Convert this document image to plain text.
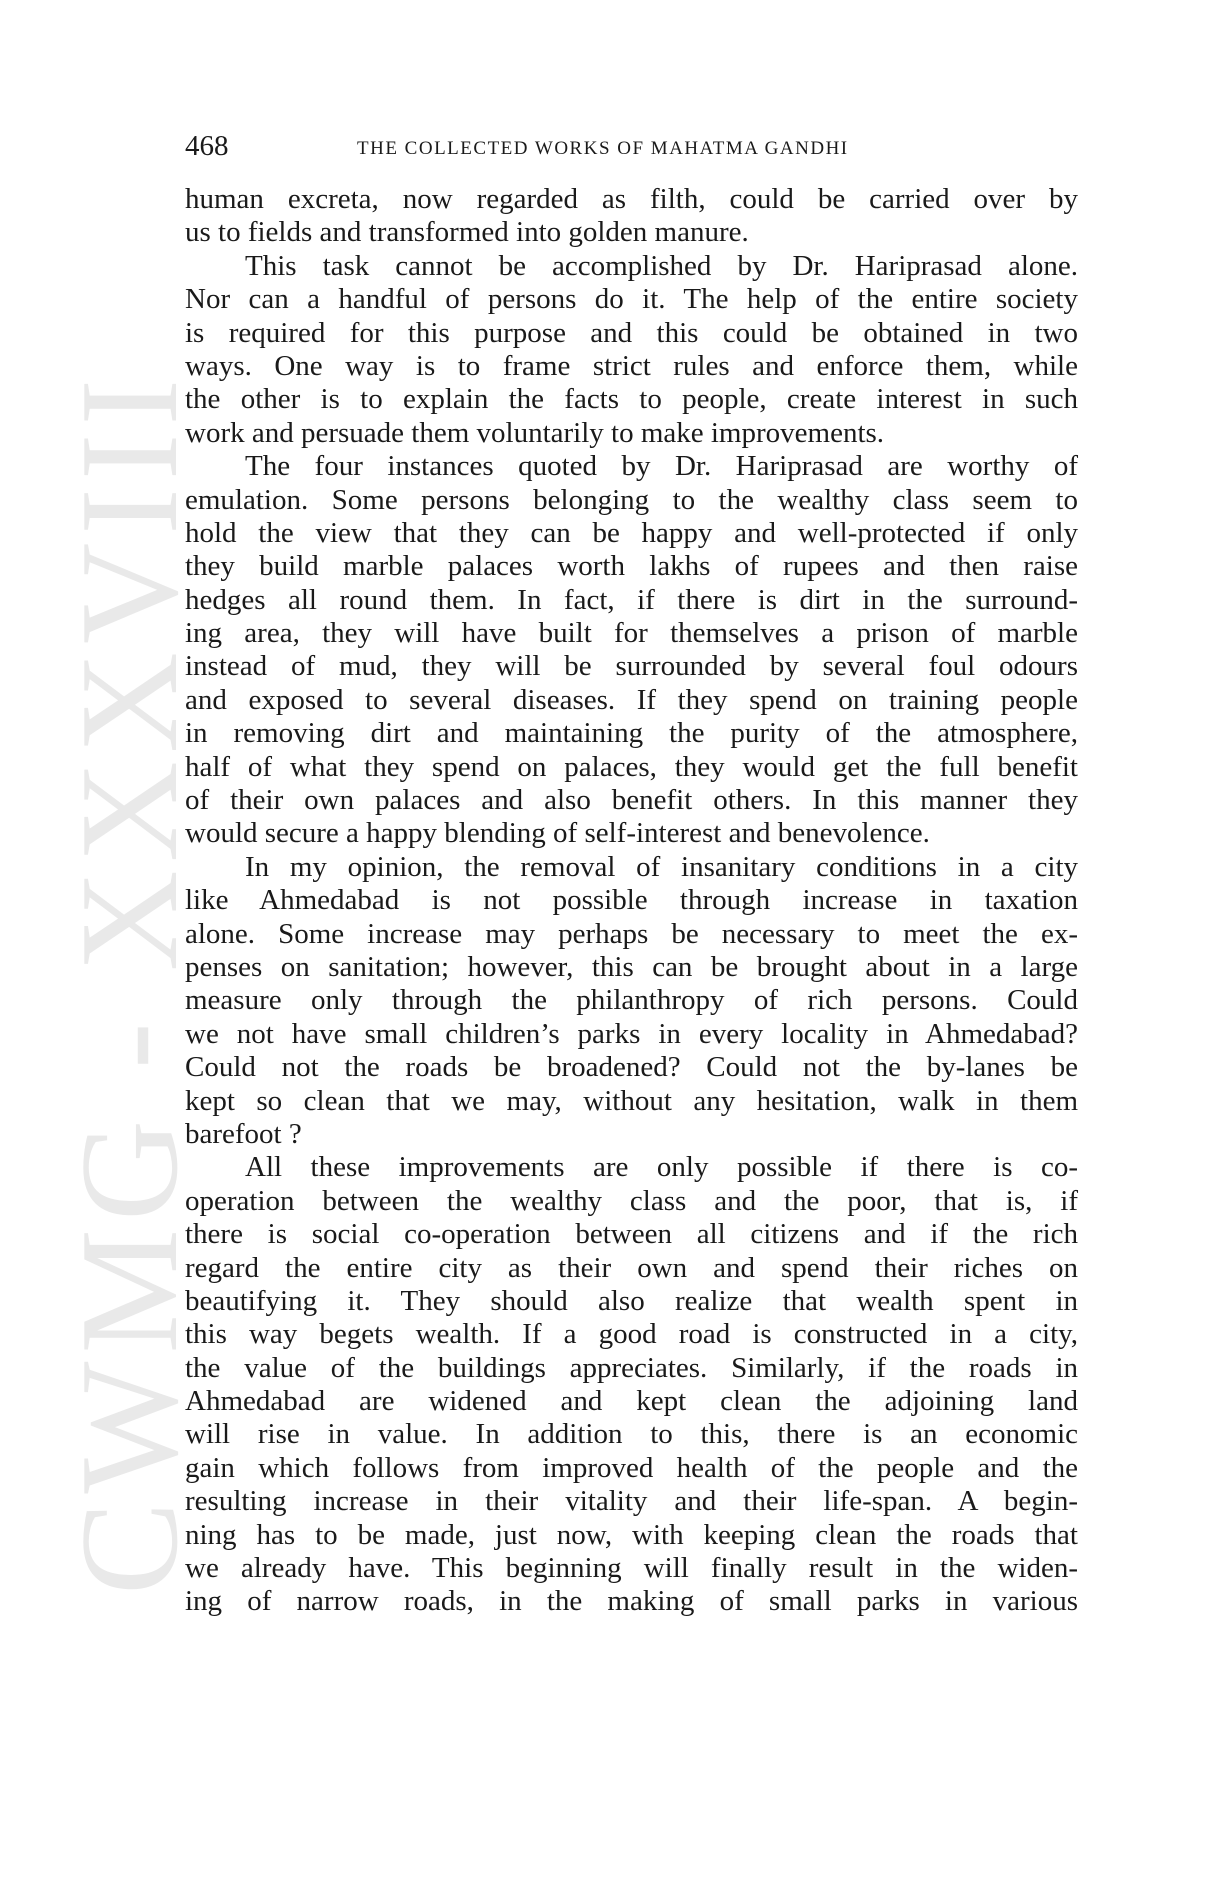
CWMG - XXXVIII
468	THE COLLECTED WORKS OF MAHATMA GANDHI
human excreta, now regarded as filth, could be carried over by
us to fields and transformed into golden manure.
This task cannot be accomplished by Dr. Hariprasad alone.
Nor can a handful of persons do it. The help of the entire society
is required for this purpose and this could be obtained in two
ways. One way is to frame strict rules and enforce them, while
the other is to explain the facts to people, create interest in such
work and persuade them voluntarily to make improvements.
The four instances quoted by Dr. Hariprasad are worthy of
emulation. Some persons belonging to the wealthy class seem to
hold the view that they can be happy and well-protected if only
they build marble palaces worth lakhs of rupees and then raise
hedges all round them. In fact, if there is dirt in the surround-
ing area, they will have built for themselves a prison of marble
instead of mud, they will be surrounded by several foul odours
and exposed to several diseases. If they spend on training people
in removing dirt and maintaining the purity of the atmosphere,
half of what they spend on palaces, they would get the full benefit
of their own palaces and also benefit others. In this manner they
would secure a happy blending of self-interest and benevolence.
In my opinion, the removal of insanitary conditions in a city
like Ahmedabad is not possible through increase in taxation
alone. Some increase may perhaps be necessary to meet the ex-
penses on sanitation; however, this can be brought about in a large
measure only through the philanthropy of rich persons. Could
we not have small children’s parks in every locality in Ahmedabad?
Could not the roads be broadened? Could not the by-lanes be
kept so clean that we may, without any hesitation, walk in them
barefoot ?
All these improvements are only possible if there is co-
operation between the wealthy class and the poor, that is, if
there is social co-operation between all citizens and if the rich
regard the entire city as their own and spend their riches on
beautifying it. They should also realize that wealth spent in
this way begets wealth. If a good road is constructed in a city,
the value of the buildings appreciates. Similarly, if the roads in
Ahmedabad are widened and kept clean the adjoining land
will rise in value. In addition to this, there is an economic
gain which follows from improved health of the people and the
resulting increase in their vitality and their life-span. A begin-
ning has to be made, just now, with keeping clean the roads that
we already have. This beginning will finally result in the widen-
ing of narrow roads, in the making of small parks in various
